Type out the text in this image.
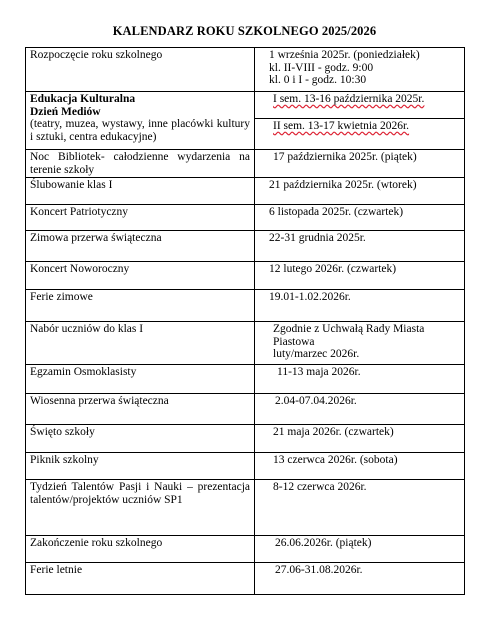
KALENDARZ ROKU SZKOLNEGO 2025/2026
Rozpoczęcie roku szkolnego	1 września 2025r. (poniedziałek)
kl. II-VIII - godz. 9:00
kl. 0 i I - godz. 10:30

Edukacja Kulturalna
Dzień Mediów
(teatry, muzea, wystawy, inne placówki kultury i sztuki, centra edukacyjne)	I sem. 13-16 października 2025r.
	II sem. 13-17 kwietnia 2026r.
Noc Bibliotek- całodzienne wydarzenia na terenie szkoły	17 października 2025r. (piątek)
Ślubowanie klas I	21 października 2025r. (wtorek)
Koncert Patriotyczny	6 listopada 2025r. (czwartek)
Zimowa przerwa świąteczna	22-31 grudnia 2025r.
Koncert Noworoczny	12 lutego 2026r. (czwartek)
Ferie zimowe	19.01-1.02.2026r.
Nabór uczniów do klas I	Zgodnie z Uchwałą Rady Miasta Piastowa
luty/marzec 2026r.

Egzamin Osmoklasisty	11-13 maja 2026r.
Wiosenna przerwa świąteczna	2.04-07.04.2026r.
Święto szkoły	21 maja 2026r. (czwartek)
Piknik szkolny	13 czerwca 2026r. (sobota)
Tydzień Talentów Pasji i Nauki – prezentacja talentów/projektów uczniów SP1	8-12 czerwca 2026r.
Zakończenie roku szkolnego	26.06.2026r. (piątek)
Ferie letnie	27.06-31.08.2026r.
